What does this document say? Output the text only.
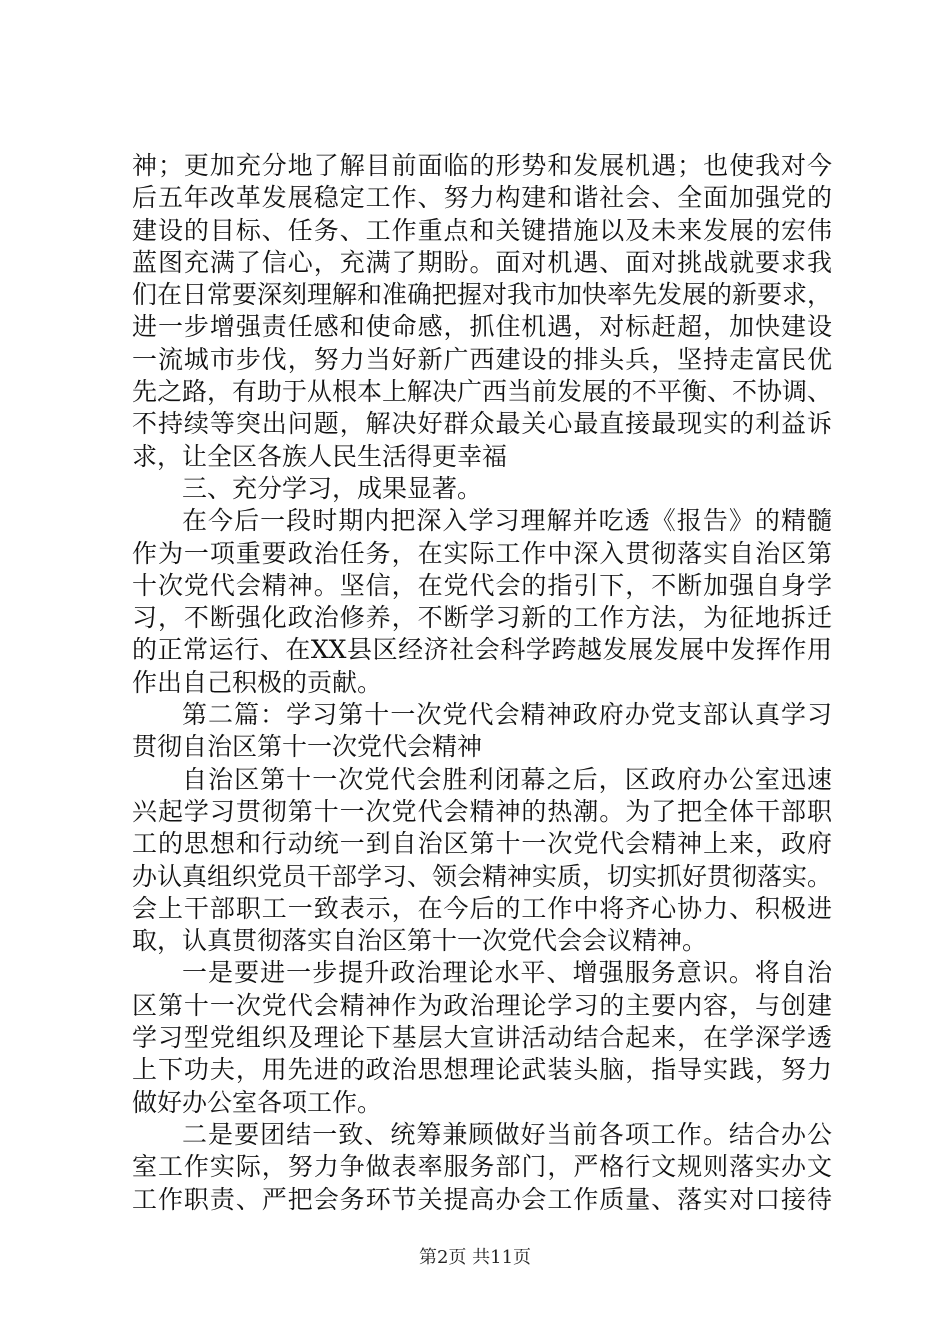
神；更加充分地了解目前面临的形势和发展机遇；也使我对今
后五年改革发展稳定工作、努力构建和谐社会、全面加强党的
建设的目标、任务、工作重点和关键措施以及未来发展的宏伟
蓝图充满了信心，充满了期盼。面对机遇、面对挑战就要求我
们在日常要深刻理解和准确把握对我市加快率先发展的新要求，
进一步增强责任感和使命感，抓住机遇，对标赶超，加快建设
一流城市步伐，努力当好新广西建设的排头兵，坚持走富民优
先之路，有助于从根本上解决广西当前发展的不平衡、不协调、
不持续等突出问题，解决好群众最关心最直接最现实的利益诉
求，让全区各族人民生活得更幸福
三、充分学习，成果显著。
在今后一段时期内把深入学习理解并吃透《报告》的精髓
作为一项重要政治任务，在实际工作中深入贯彻落实自治区第
十次党代会精神。坚信，在党代会的指引下，不断加强自身学
习，不断强化政治修养，不断学习新的工作方法，为征地拆迁
的正常运行、在XX县区经济社会科学跨越发展发展中发挥作用
作出自己积极的贡献。
第二篇：学习第十一次党代会精神政府办党支部认真学习
贯彻自治区第十一次党代会精神
自治区第十一次党代会胜利闭幕之后，区政府办公室迅速
兴起学习贯彻第十一次党代会精神的热潮。为了把全体干部职
工的思想和行动统一到自治区第十一次党代会精神上来，政府
办认真组织党员干部学习、领会精神实质，切实抓好贯彻落实。
会上干部职工一致表示，在今后的工作中将齐心协力、积极进
取，认真贯彻落实自治区第十一次党代会会议精神。
一是要进一步提升政治理论水平、增强服务意识。将自治
区第十一次党代会精神作为政治理论学习的主要内容，与创建
学习型党组织及理论下基层大宣讲活动结合起来，在学深学透
上下功夫，用先进的政治思想理论武装头脑，指导实践，努力
做好办公室各项工作。
二是要团结一致、统筹兼顾做好当前各项工作。结合办公
室工作实际，努力争做表率服务部门，严格行文规则落实办文
工作职责、严把会务环节关提高办会工作质量、落实对口接待
第2页 共11页
